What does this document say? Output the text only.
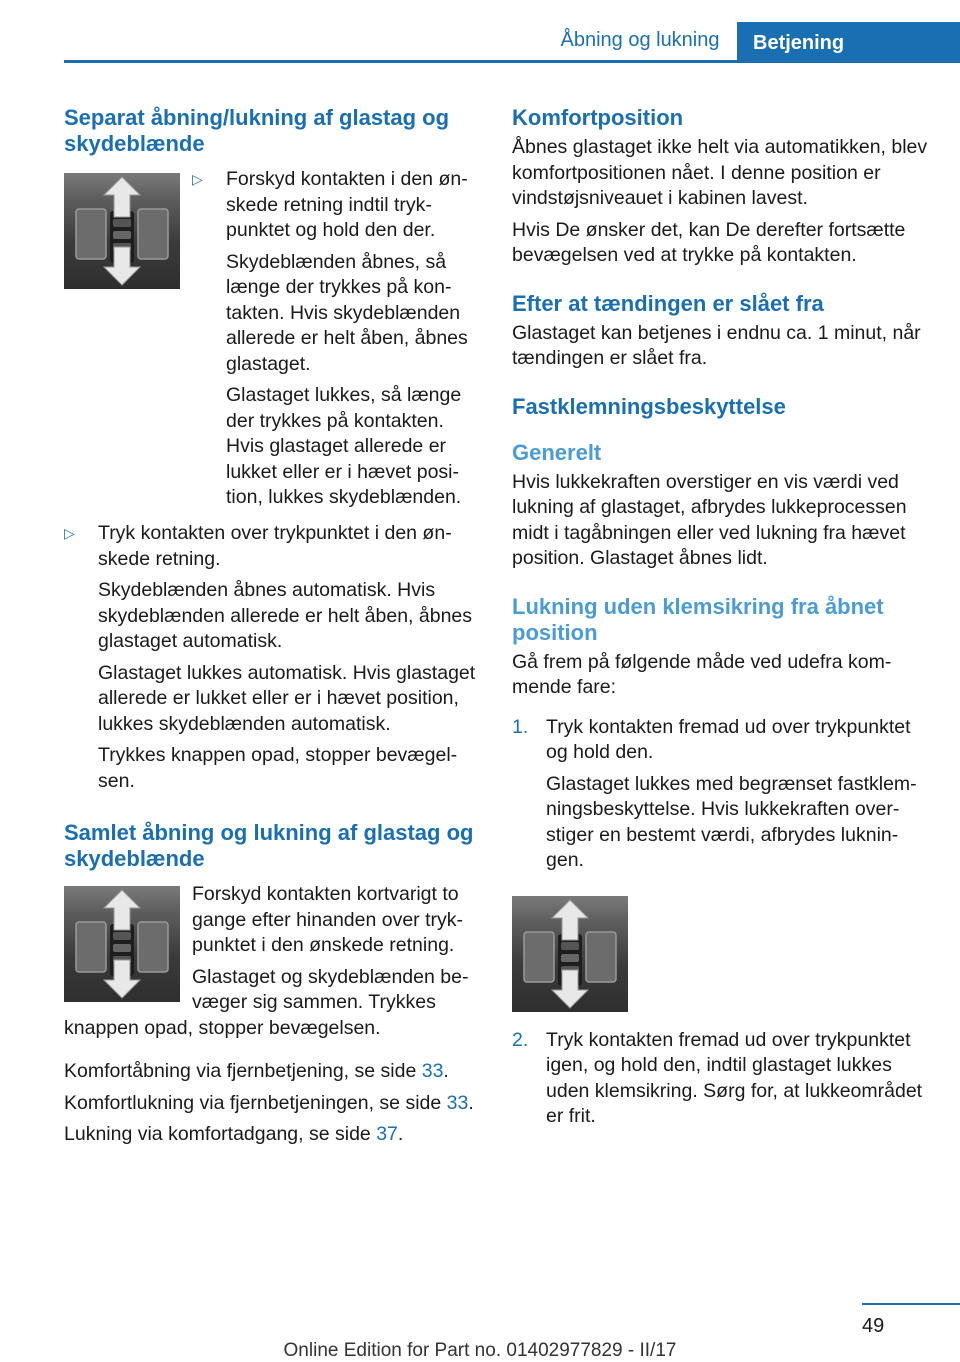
Åbning og lukning	Betjening

Separat åbning/lukning af glastag og skydeblænde

▷ Forskyd kontakten i den ønskede retning indtil trykpunktet og hold den der.

Skydeblænden åbnes, så længe der trykkes på kontakten. Hvis skydeblænden allerede er helt åben, åbnes glastaget.

Glastaget lukkes, så længe der trykkes på kontakten. Hvis glastaget allerede er lukket eller er i hævet position, lukkes skydeblænden.

▷ Tryk kontakten over trykpunktet i den ønskede retning.

Skydeblænden åbnes automatisk. Hvis skydeblænden allerede er helt åben, åbnes glastaget automatisk.

Glastaget lukkes automatisk. Hvis glastaget allerede er lukket eller er i hævet position, lukkes skydeblænden automatisk.

Trykkes knappen opad, stopper bevægelsen.

Samlet åbning og lukning af glastag og skydeblænde

Forskyd kontakten kortvarigt to gange efter hinanden over trykpunktet i den ønskede retning.

Glastaget og skydeblænden bevæger sig sammen. Trykkes knappen opad, stopper bevægelsen.

Komfortåbning via fjernbetjening, se side 33.

Komfortlukning via fjernbetjeningen, se side 33.

Lukning via komfortadgang, se side 37.

Komfortposition

Åbnes glastaget ikke helt via automatikken, blev komfortpositionen nået. I denne position er vindstøjsniveauet i kabinen lavest.

Hvis De ønsker det, kan De derefter fortsætte bevægelsen ved at trykke på kontakten.

Efter at tændingen er slået fra

Glastaget kan betjenes i endnu ca. 1 minut, når tændingen er slået fra.

Fastklemningsbeskyttelse

Generelt

Hvis lukkekraften overstiger en vis værdi ved lukning af glastaget, afbrydes lukkeprocessen midt i tagåbningen eller ved lukning fra hævet position. Glastaget åbnes lidt.

Lukning uden klemsikring fra åbnet position

Gå frem på følgende måde ved udefra kommende fare:

1. Tryk kontakten fremad ud over trykpunktet og hold den.

Glastaget lukkes med begrænset fastklemningsbeskyttelse. Hvis lukkekraften overstiger en bestemt værdi, afbrydes lukningen.

2. Tryk kontakten fremad ud over trykpunktet igen, og hold den, indtil glastaget lukkes uden klemsikring. Sørg for, at lukkeområdet er frit.

49
Online Edition for Part no. 01402977829 - II/17
